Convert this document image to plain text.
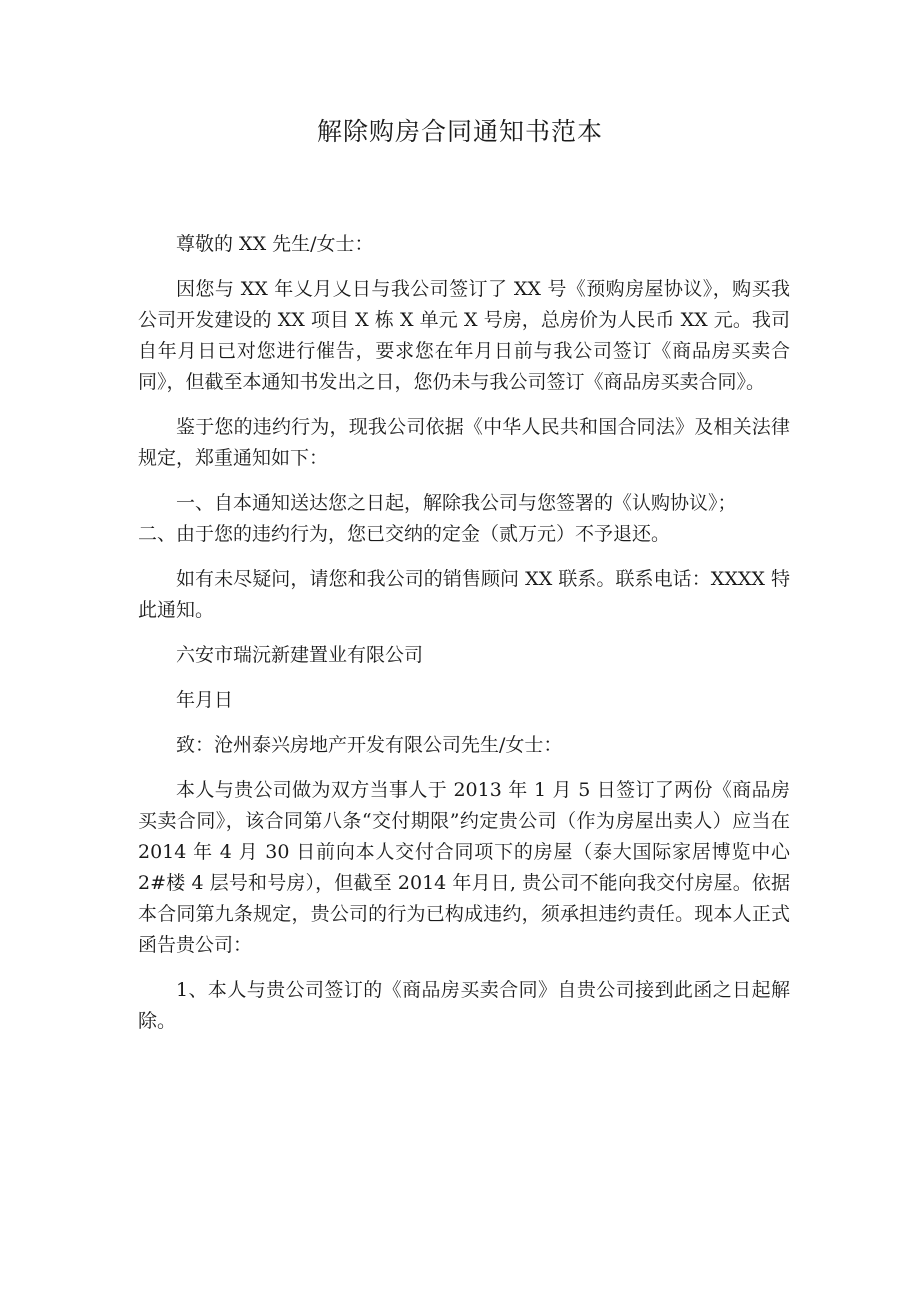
解除购房合同通知书范本

尊敬的 XX 先生/女士：

因您与 XX 年乂月乂日与我公司签订了 XX 号《预购房屋协议》，购买我公司开发建设的 XX 项目 X 栋 X 单元 X 号房，总房价为人民币 XX 元。我司自年月日已对您进行催告，要求您在年月日前与我公司签订《商品房买卖合同》，但截至本通知书发出之日，您仍未与我公司签订《商品房买卖合同》。

鉴于您的违约行为，现我公司依据《中华人民共和国合同法》及相关法律规定，郑重通知如下：

一、自本通知送达您之日起，解除我公司与您签署的《认购协议》；

二、由于您的违约行为，您已交纳的定金（贰万元）不予退还。

如有未尽疑问，请您和我公司的销售顾问 XX 联系。联系电话：XXXX 特此通知。

六安市瑞沅新建置业有限公司

年月日

致：沧州泰兴房地产开发有限公司先生/女士：

本人与贵公司做为双方当事人于 2013 年 1 月 5 日签订了两份《商品房买卖合同》，该合同第八条“交付期限”约定贵公司（作为房屋出卖人）应当在 2014 年 4 月 30 日前向本人交付合同项下的房屋（泰大国际家居博览中心 2#楼 4 层号和号房），但截至 2014 年月日, 贵公司不能向我交付房屋。依据本合同第九条规定，贵公司的行为已构成违约，须承担违约责任。现本人正式函告贵公司：

1、本人与贵公司签订的《商品房买卖合同》自贵公司接到此函之日起解除。
